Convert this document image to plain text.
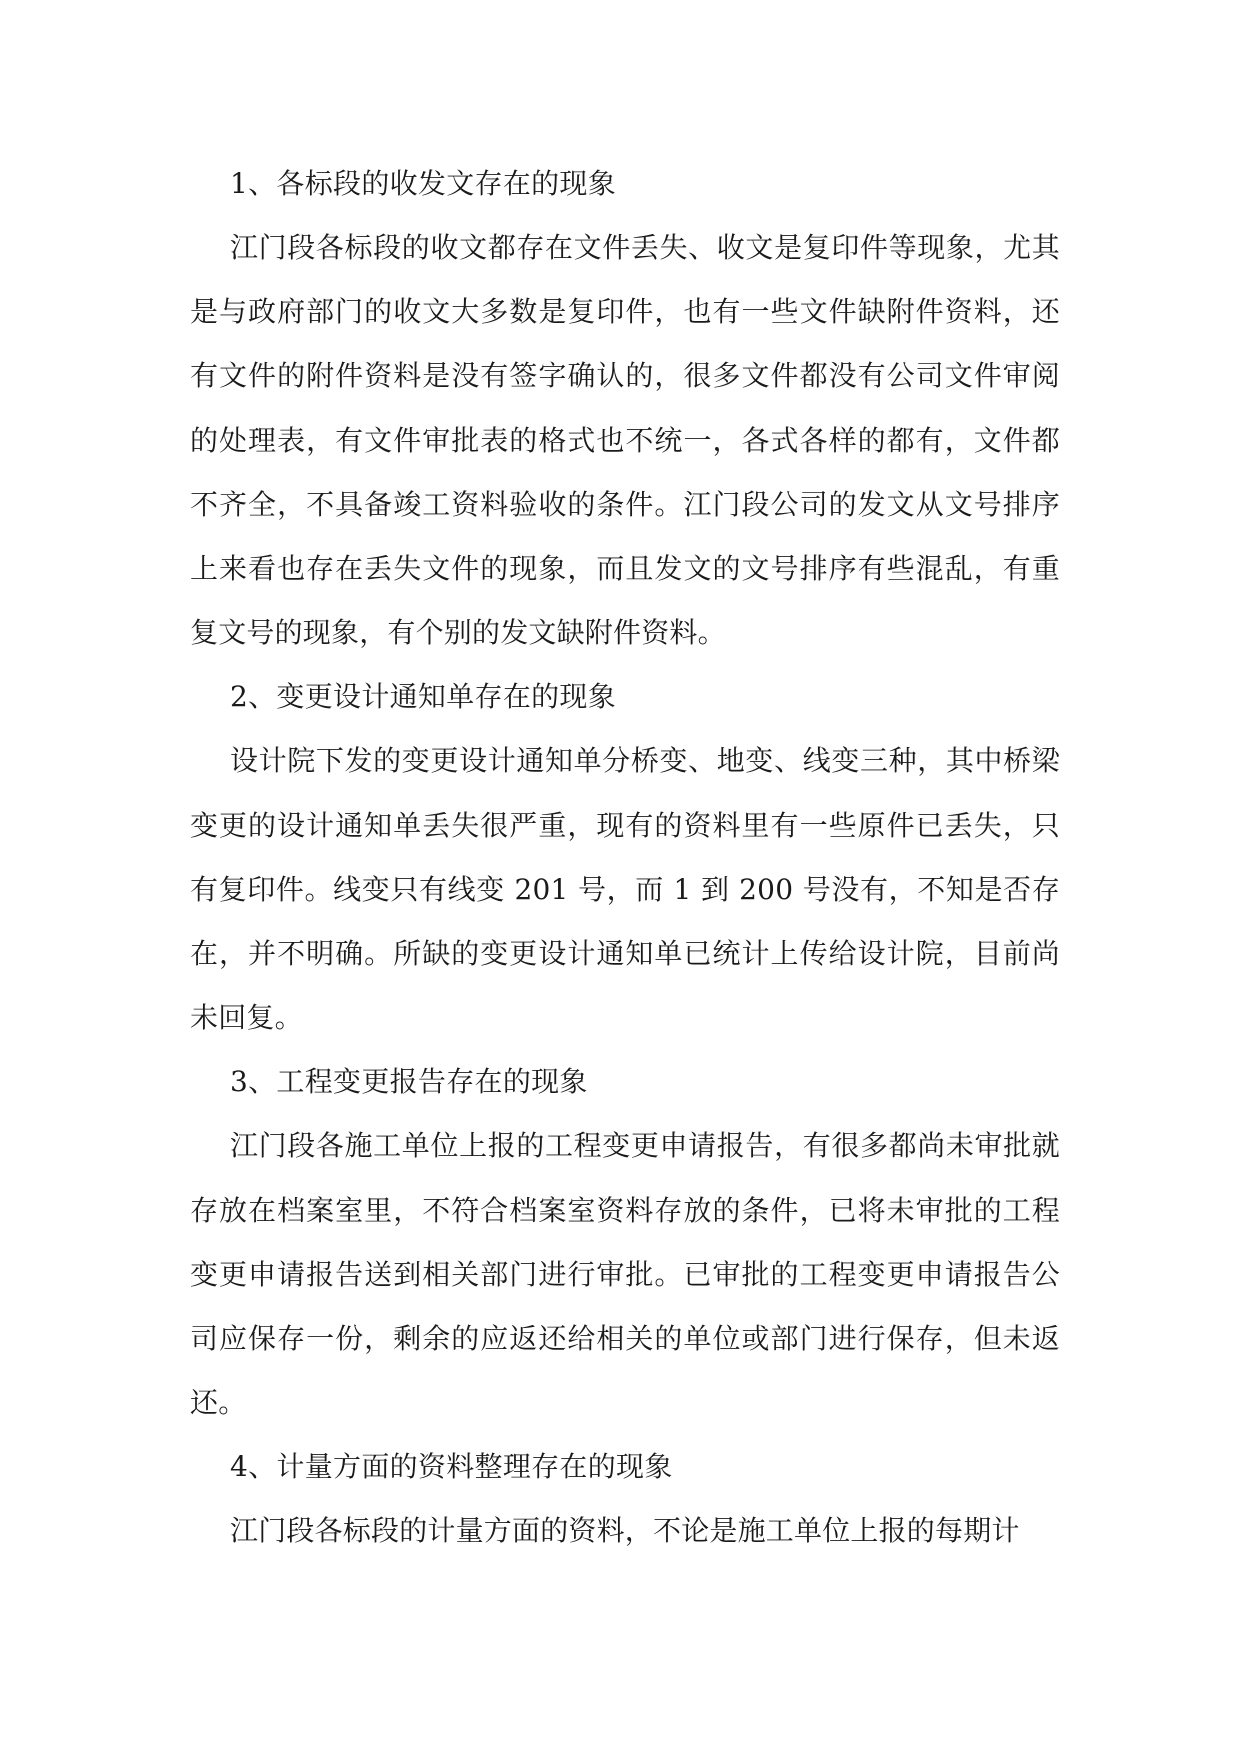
1、各标段的收发文存在的现象

江门段各标段的收文都存在文件丢失、收文是复印件等现象，尤其是与政府部门的收文大多数是复印件，也有一些文件缺附件资料，还有文件的附件资料是没有签字确认的，很多文件都没有公司文件审阅的处理表，有文件审批表的格式也不统一，各式各样的都有，文件都不齐全，不具备竣工资料验收的条件。江门段公司的发文从文号排序上来看也存在丢失文件的现象，而且发文的文号排序有些混乱，有重复文号的现象，有个别的发文缺附件资料。

2、变更设计通知单存在的现象

设计院下发的变更设计通知单分桥变、地变、线变三种，其中桥梁变更的设计通知单丢失很严重，现有的资料里有一些原件已丢失，只有复印件。线变只有线变 201 号，而 1 到 200 号没有，不知是否存在，并不明确。所缺的变更设计通知单已统计上传给设计院，目前尚未回复。

3、工程变更报告存在的现象

江门段各施工单位上报的工程变更申请报告，有很多都尚未审批就存放在档案室里，不符合档案室资料存放的条件，已将未审批的工程变更申请报告送到相关部门进行审批。已审批的工程变更申请报告公司应保存一份，剩余的应返还给相关的单位或部门进行保存，但未返还。

4、计量方面的资料整理存在的现象

江门段各标段的计量方面的资料，不论是施工单位上报的每期计
